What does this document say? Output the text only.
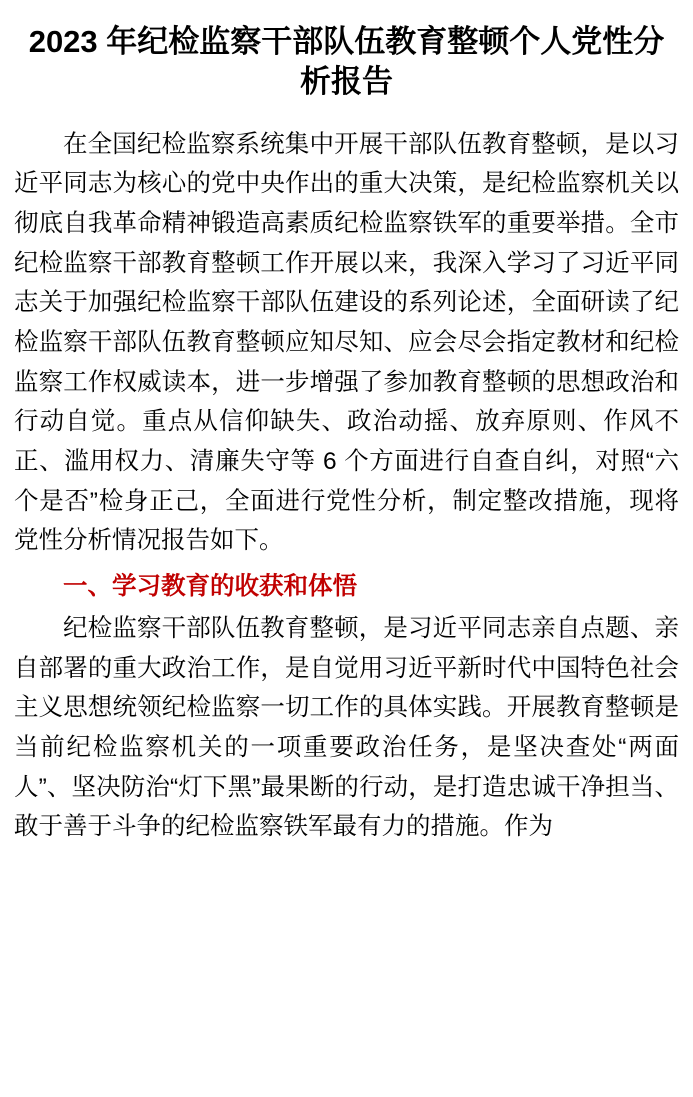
2023 年纪检监察干部队伍教育整顿个人党性分析报告

在全国纪检监察系统集中开展干部队伍教育整顿，是以习近平同志为核心的党中央作出的重大决策，是纪检监察机关以彻底自我革命精神锻造高素质纪检监察铁军的重要举措。全市纪检监察干部教育整顿工作开展以来，我深入学习了习近平同志关于加强纪检监察干部队伍建设的系列论述，全面研读了纪检监察干部队伍教育整顿应知尽知、应会尽会指定教材和纪检监察工作权威读本，进一步增强了参加教育整顿的思想政治和行动自觉。重点从信仰缺失、政治动摇、放弃原则、作风不正、滥用权力、清廉失守等 6 个方面进行自查自纠，对照“六个是否”检身正己，全面进行党性分析，制定整改措施，现将党性分析情况报告如下。

一、学习教育的收获和体悟

纪检监察干部队伍教育整顿，是习近平同志亲自点题、亲自部署的重大政治工作，是自觉用习近平新时代中国特色社会主义思想统领纪检监察一切工作的具体实践。开展教育整顿是当前纪检监察机关的一项重要政治任务，是坚决查处“两面人”、坚决防治“灯下黑”最果断的行动，是打造忠诚干净担当、敢于善于斗争的纪检监察铁军最有力的措施。作为
